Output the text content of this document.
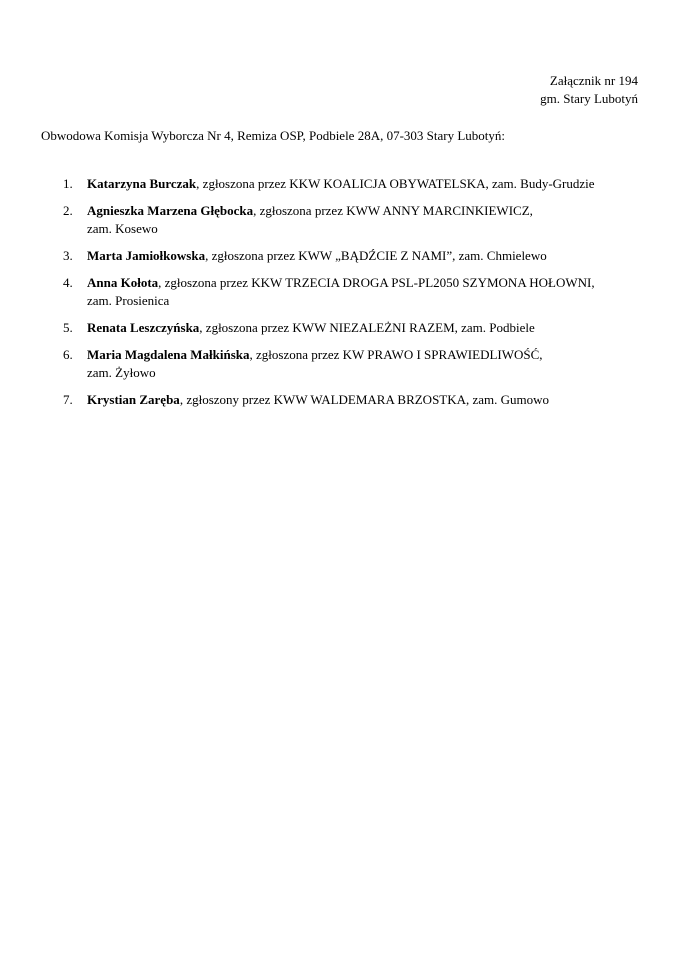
Załącznik nr 194
gm. Stary Lubotyń
Obwodowa Komisja Wyborcza Nr 4, Remiza OSP, Podbiele 28A, 07-303 Stary Lubotyń:
1. Katarzyna Burczak, zgłoszona przez KKW KOALICJA OBYWATELSKA, zam. Budy-Grudzie
2. Agnieszka Marzena Głębocka, zgłoszona przez KWW ANNY MARCINKIEWICZ,
zam. Kosewo
3. Marta Jamiołkowska, zgłoszona przez KWW „BĄDŹCIE Z NAMI”, zam. Chmielewo
4. Anna Kołota, zgłoszona przez KKW TRZECIA DROGA PSL-PL2050 SZYMONA HOŁOWNI,
zam. Prosienica
5. Renata Leszczyńska, zgłoszona przez KWW NIEZALEŻNI RAZEM, zam. Podbiele
6. Maria Magdalena Małkińska, zgłoszona przez KW PRAWO I SPRAWIEDLIWOŚĆ,
zam. Żyłowo
7. Krystian Zaręba, zgłoszony przez KWW WALDEMARA BRZOSTKA, zam. Gumowo
